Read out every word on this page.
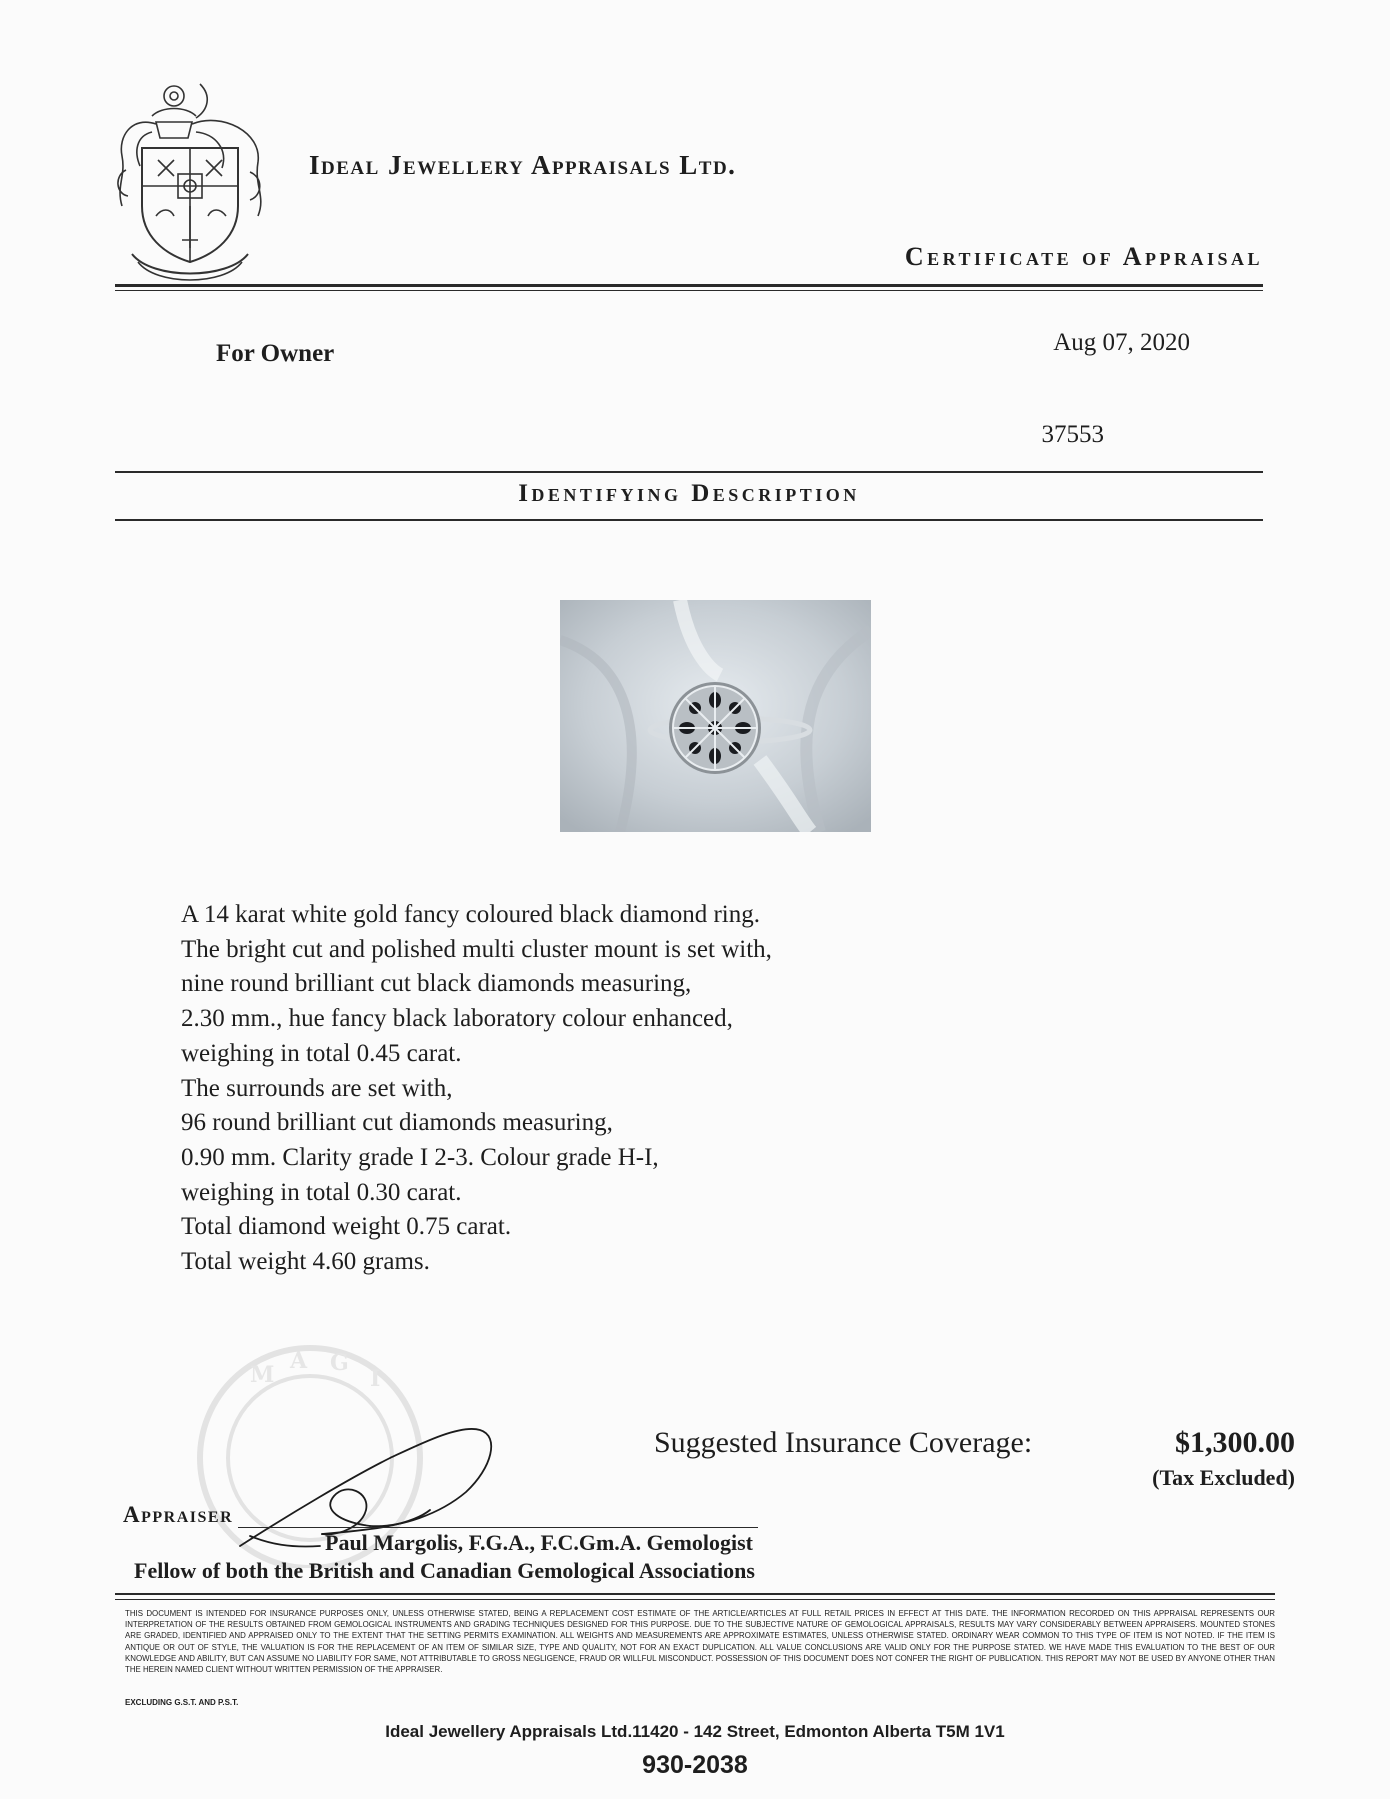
Ideal Jewellery Appraisals Ltd.
Certificate of Appraisal
For Owner	Aug 07, 2020
37553
Identifying Description
A 14 karat white gold fancy coloured black diamond ring.
The bright cut and polished multi cluster mount is set with,
nine round brilliant cut black diamonds measuring,
2.30 mm., hue fancy black laboratory colour enhanced,
weighing in total 0.45 carat.
The surrounds are set with,
96 round brilliant cut diamonds measuring,
0.90 mm. Clarity grade I 2-3. Colour grade H-I,
weighing in total 0.30 carat.
Total diamond weight 0.75 carat.
Total weight 4.60 grams.
Suggested Insurance Coverage:	$1,300.00
(Tax Excluded)
M
A G
I
Appraiser
Paul Margolis, F.G.A., F.C.Gm.A. Gemologist
Fellow of both the British and Canadian Gemological Associations
THIS DOCUMENT IS INTENDED FOR INSURANCE PURPOSES ONLY, UNLESS OTHERWISE STATED, BEING A REPLACEMENT COST ESTIMATE OF THE ARTICLE/ARTICLES AT FULL RETAIL PRICES IN EFFECT AT THIS DATE. THE INFORMATION RECORDED ON THIS APPRAISAL REPRESENTS OUR INTERPRETATION OF THE RESULTS OBTAINED FROM GEMOLOGICAL INSTRUMENTS AND GRADING TECHNIQUES DESIGNED FOR THIS PURPOSE. DUE TO THE SUBJECTIVE NATURE OF GEMOLOGICAL APPRAISALS, RESULTS MAY VARY CONSIDERABLY BETWEEN APPRAISERS. MOUNTED STONES ARE GRADED, IDENTIFIED AND APPRAISED ONLY TO THE EXTENT THAT THE SETTING PERMITS EXAMINATION. ALL WEIGHTS AND MEASUREMENTS ARE APPROXIMATE ESTIMATES, UNLESS OTHERWISE STATED. ORDINARY WEAR COMMON TO THIS TYPE OF ITEM IS NOT NOTED. IF THE ITEM IS ANTIQUE OR OUT OF STYLE, THE VALUATION IS FOR THE REPLACEMENT OF AN ITEM OF SIMILAR SIZE, TYPE AND QUALITY, NOT FOR AN EXACT DUPLICATION. ALL VALUE CONCLUSIONS ARE VALID ONLY FOR THE PURPOSE STATED. WE HAVE MADE THIS EVALUATION TO THE BEST OF OUR KNOWLEDGE AND ABILITY, BUT CAN ASSUME NO LIABILITY FOR SAME, NOT ATTRIBUTABLE TO GROSS NEGLIGENCE, FRAUD OR WILLFUL MISCONDUCT. POSSESSION OF THIS DOCUMENT DOES NOT CONFER THE RIGHT OF PUBLICATION. THIS REPORT MAY NOT BE USED BY ANYONE OTHER THAN THE HEREIN NAMED CLIENT WITHOUT WRITTEN PERMISSION OF THE APPRAISER.
EXCLUDING G.S.T. AND P.S.T.
Ideal Jewellery Appraisals Ltd.11420 - 142 Street, Edmonton Alberta T5M 1V1
930-2038
